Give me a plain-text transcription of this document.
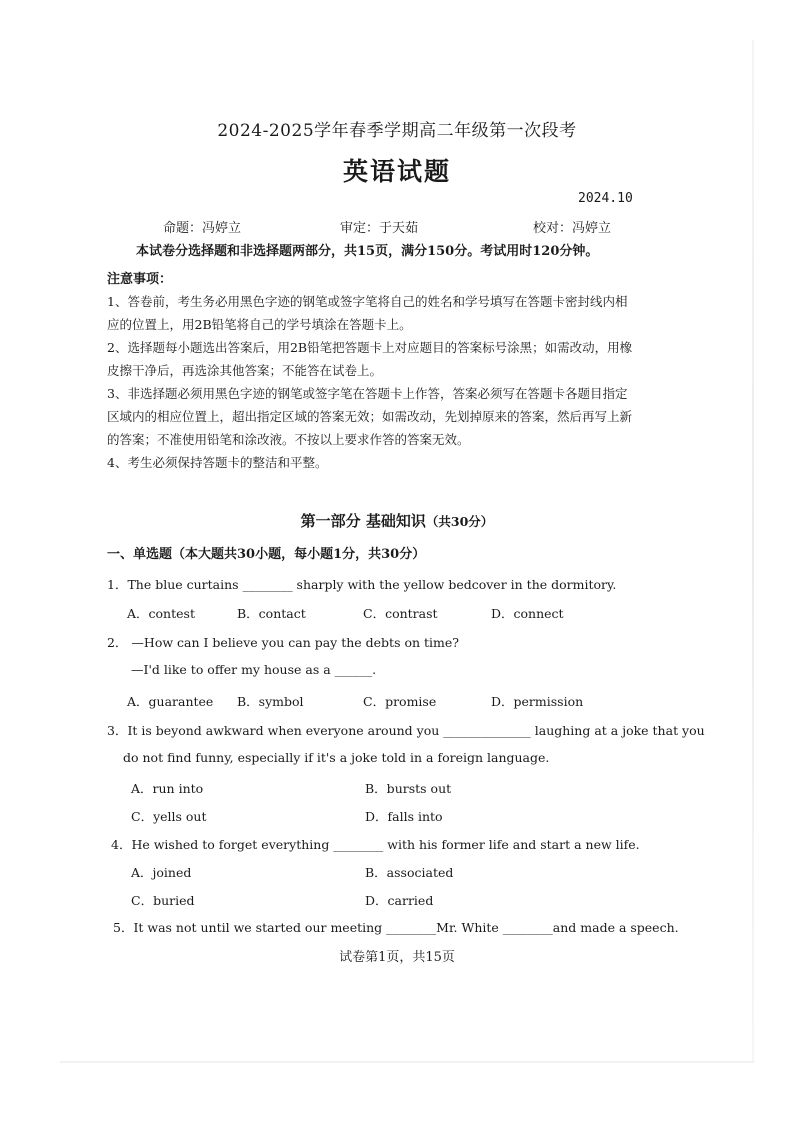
2024-2025学年春季学期高二年级第一次段考
英语试题
2024.10
命题：冯婷立	审定：于天茹	校对：冯婷立
本试卷分选择题和非选择题两部分，共15页，满分150分。考试用时120分钟。
注意事项：

1、答卷前，考生务必用黑色字迹的钢笔或签字笔将自己的姓名和学号填写在答题卡密封线内相应的位置上，用2B铅笔将自己的学号填涂在答题卡上。

2、选择题每小题选出答案后，用2B铅笔把答题卡上对应题目的答案标号涂黑；如需改动，用橡皮擦干净后，再选涂其他答案；不能答在试卷上。

3、非选择题必须用黑色字迹的钢笔或签字笔在答题卡上作答，答案必须写在答题卡各题目指定区域内的相应位置上，超出指定区域的答案无效；如需改动，先划掉原来的答案，然后再写上新的答案；不准使用铅笔和涂改液。不按以上要求作答的答案无效。

4、考生必须保持答题卡的整洁和平整。

第一部分 基础知识（共30分）
一、单选题（本大题共30小题，每小题1分，共30分）
1．The blue curtains ________ sharply with the yellow bedcover in the dormitory.
A．contest	B．contact	C．contrast	D．connect
2． —How can I believe you can pay the debts on time?
—I'd like to offer my house as a ______.
A．guarantee B．symbol	C．promise	D．permission
3．It is beyond awkward when everyone around you ______________ laughing at a joke that you
do not find funny, especially if it's a joke told in a foreign language.
A．run into	B．bursts out
C．yells out	D．falls into
4．He wished to forget everything ________ with his former life and start a new life.
A．joined	B．associated
C．buried	D．carried
5．It was not until we started our meeting ________Mr. White ________and made a speech.
试卷第1页，共15页
